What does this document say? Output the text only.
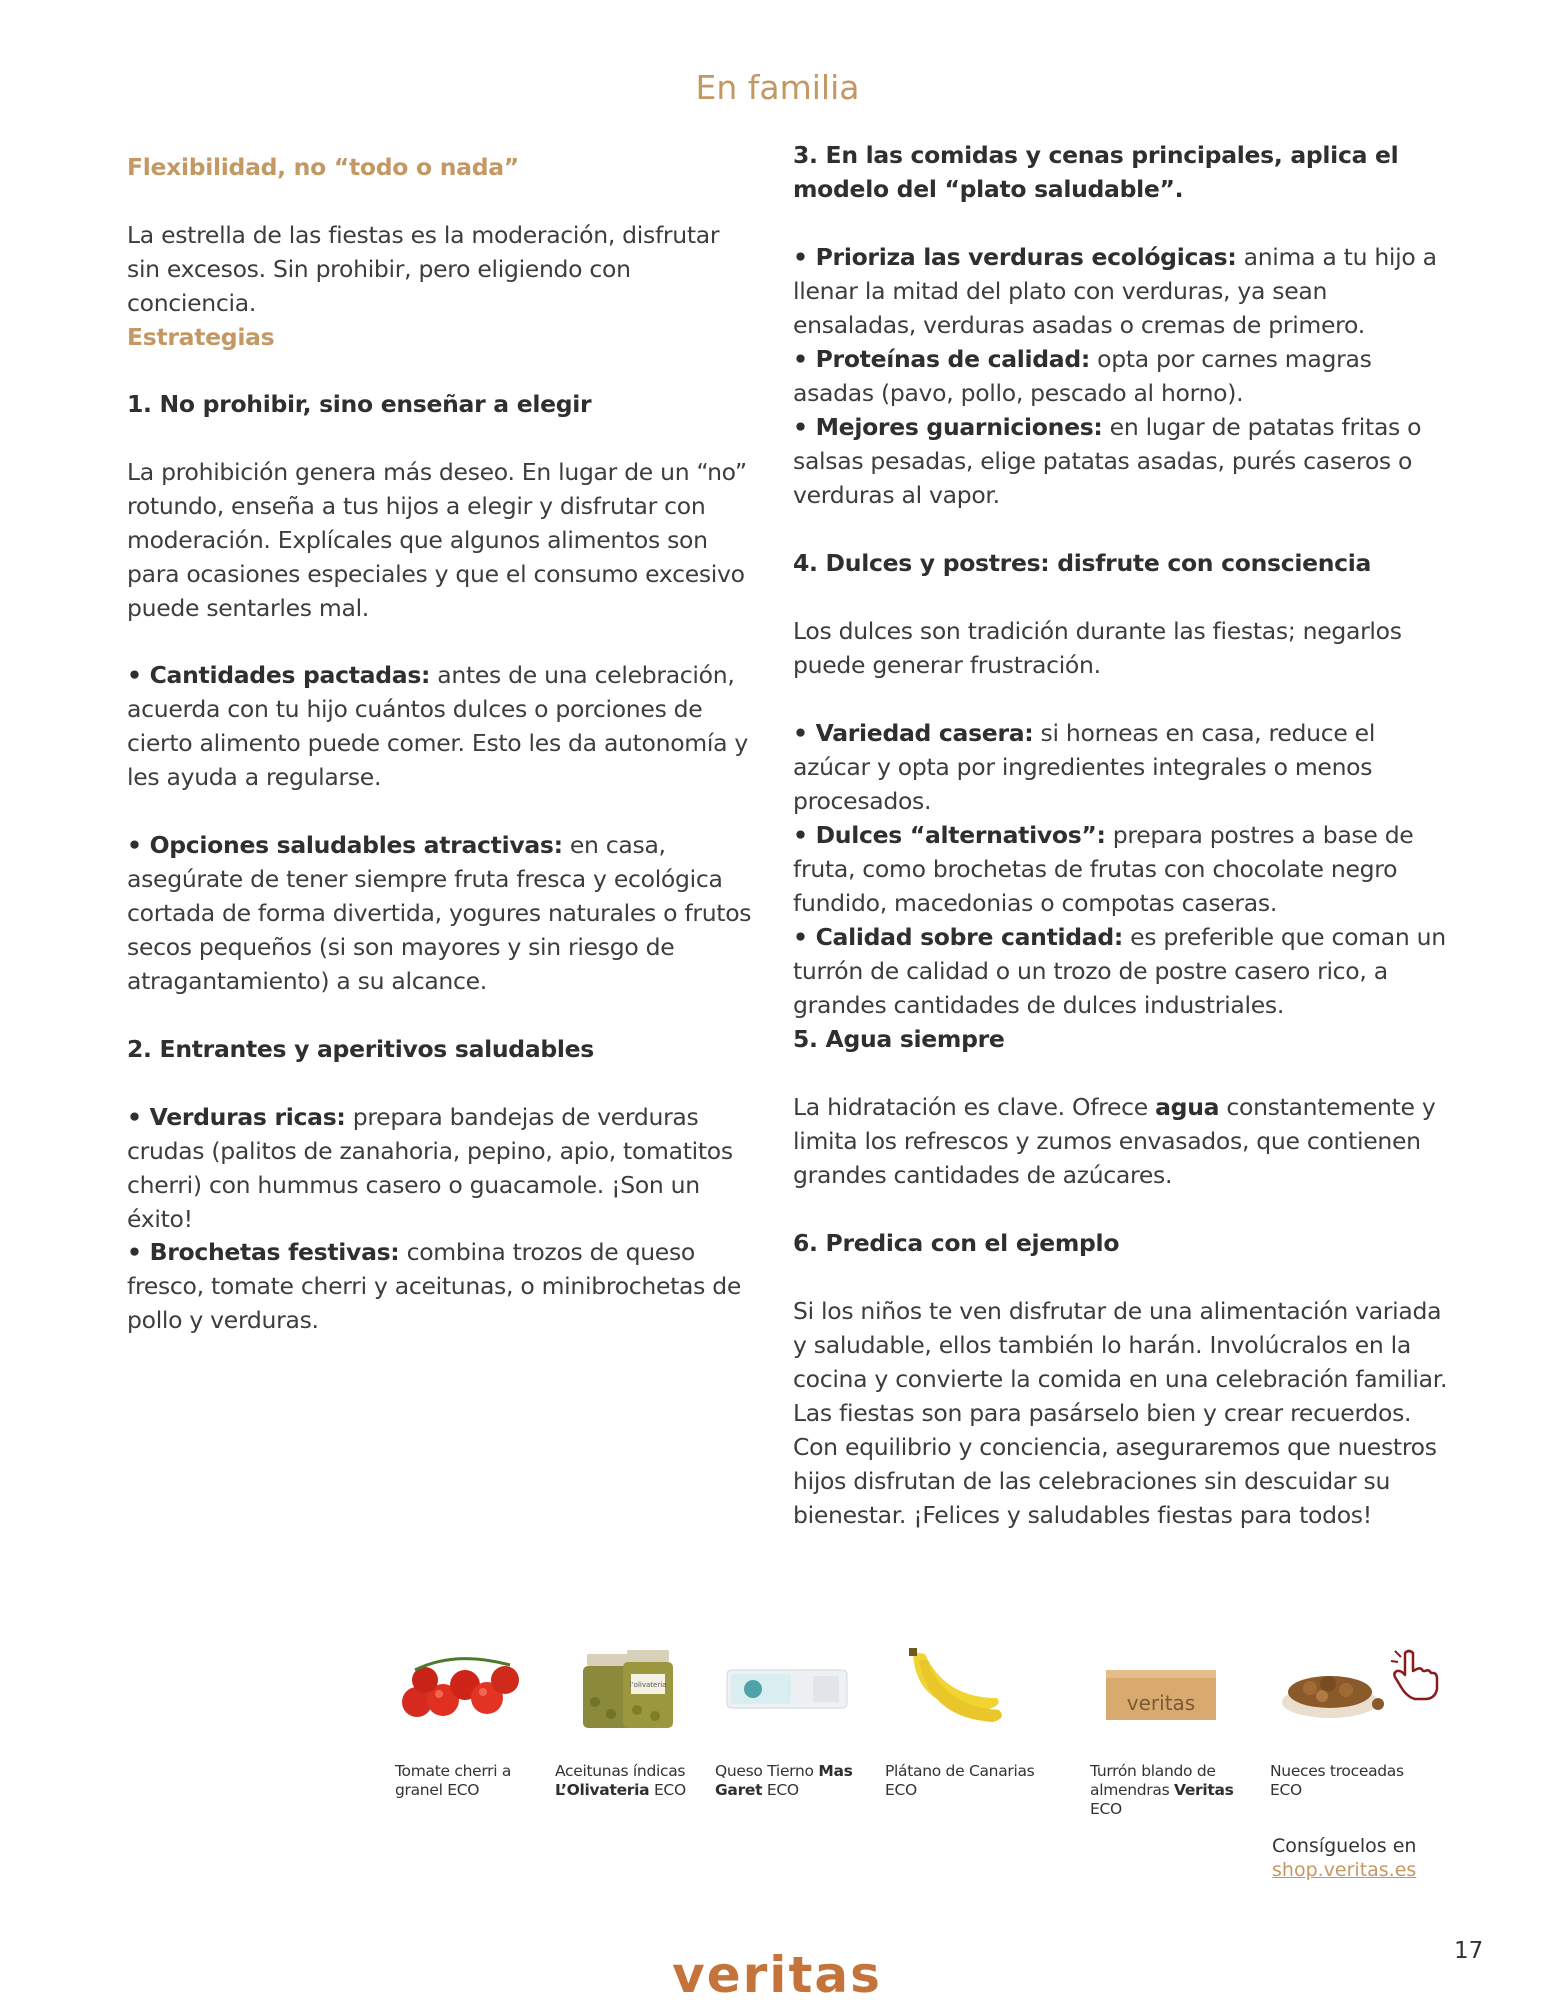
En familia
Flexibilidad, no “todo o nada”

La estrella de las fiestas es la moderación, disfrutar sin excesos. Sin prohibir, pero eligiendo con conciencia.

Estrategias
1. No prohibir, sino enseñar a elegir

La prohibición genera más deseo. En lugar de un “no” rotundo, enseña a tus hijos a elegir y disfrutar con moderación. Explícales que algunos alimentos son para ocasiones especiales y que el consumo excesivo puede sentarles mal.

• Cantidades pactadas: antes de una celebración, acuerda con tu hijo cuántos dulces o porciones de cierto alimento puede comer. Esto les da autonomía y les ayuda a regularse.

• Opciones saludables atractivas: en casa, asegúrate de tener siempre fruta fresca y ecológica cortada de forma divertida, yogures naturales o frutos secos pequeños (si son mayores y sin riesgo de atragantamiento) a su alcance.

2. Entrantes y aperitivos saludables

• Verduras ricas: prepara bandejas de verduras crudas (palitos de zanahoria, pepino, apio, tomatitos cherri) con hummus casero o guacamole. ¡Son un éxito!

• Brochetas festivas: combina trozos de queso fresco, tomate cherri y aceitunas, o minibrochetas de pollo y verduras.

3. En las comidas y cenas principales, aplica el modelo del “plato saludable”.

• Prioriza las verduras ecológicas: anima a tu hijo a llenar la mitad del plato con verduras, ya sean ensaladas, verduras asadas o cremas de primero.
• Proteínas de calidad: opta por carnes magras asadas (pavo, pollo, pescado al horno).
• Mejores guarniciones: en lugar de patatas fritas o salsas pesadas, elige patatas asadas, purés caseros o verduras al vapor.

4. Dulces y postres: disfrute con consciencia

Los dulces son tradición durante las fiestas; negarlos puede generar frustración.

• Variedad casera: si horneas en casa, reduce el azúcar y opta por ingredientes integrales o menos procesados.
• Dulces “alternativos”: prepara postres a base de fruta, como brochetas de frutas con chocolate negro fundido, macedonias o compotas caseras.
• Calidad sobre cantidad: es preferible que coman un turrón de calidad o un trozo de postre casero rico, a grandes cantidades de dulces industriales.

5. Agua siempre

La hidratación es clave. Ofrece agua constantemente y limita los refrescos y zumos envasados, que contienen grandes cantidades de azúcares.

6. Predica con el ejemplo

Si los niños te ven disfrutar de una alimentación variada y saludable, ellos también lo harán. Involúcralos en la cocina y convierte la comida en una celebración familiar. Las fiestas son para pasárselo bien y crear recuerdos. Con equilibrio y conciencia, aseguraremos que nuestros hijos disfrutan de las celebraciones sin descuidar su bienestar. ¡Felices y saludables fiestas para todos!

Tomate cherri a granel ECO
l’olivateria
Aceitunas índicas L’Olivateria ECO
Queso Tierno Mas Garet ECO
Plátano de Canarias ECO
veritas
Turrón blando de almendras Veritas ECO
Nueces troceadas ECO
Consíguelos en
shop.veritas.es
veritas	17
